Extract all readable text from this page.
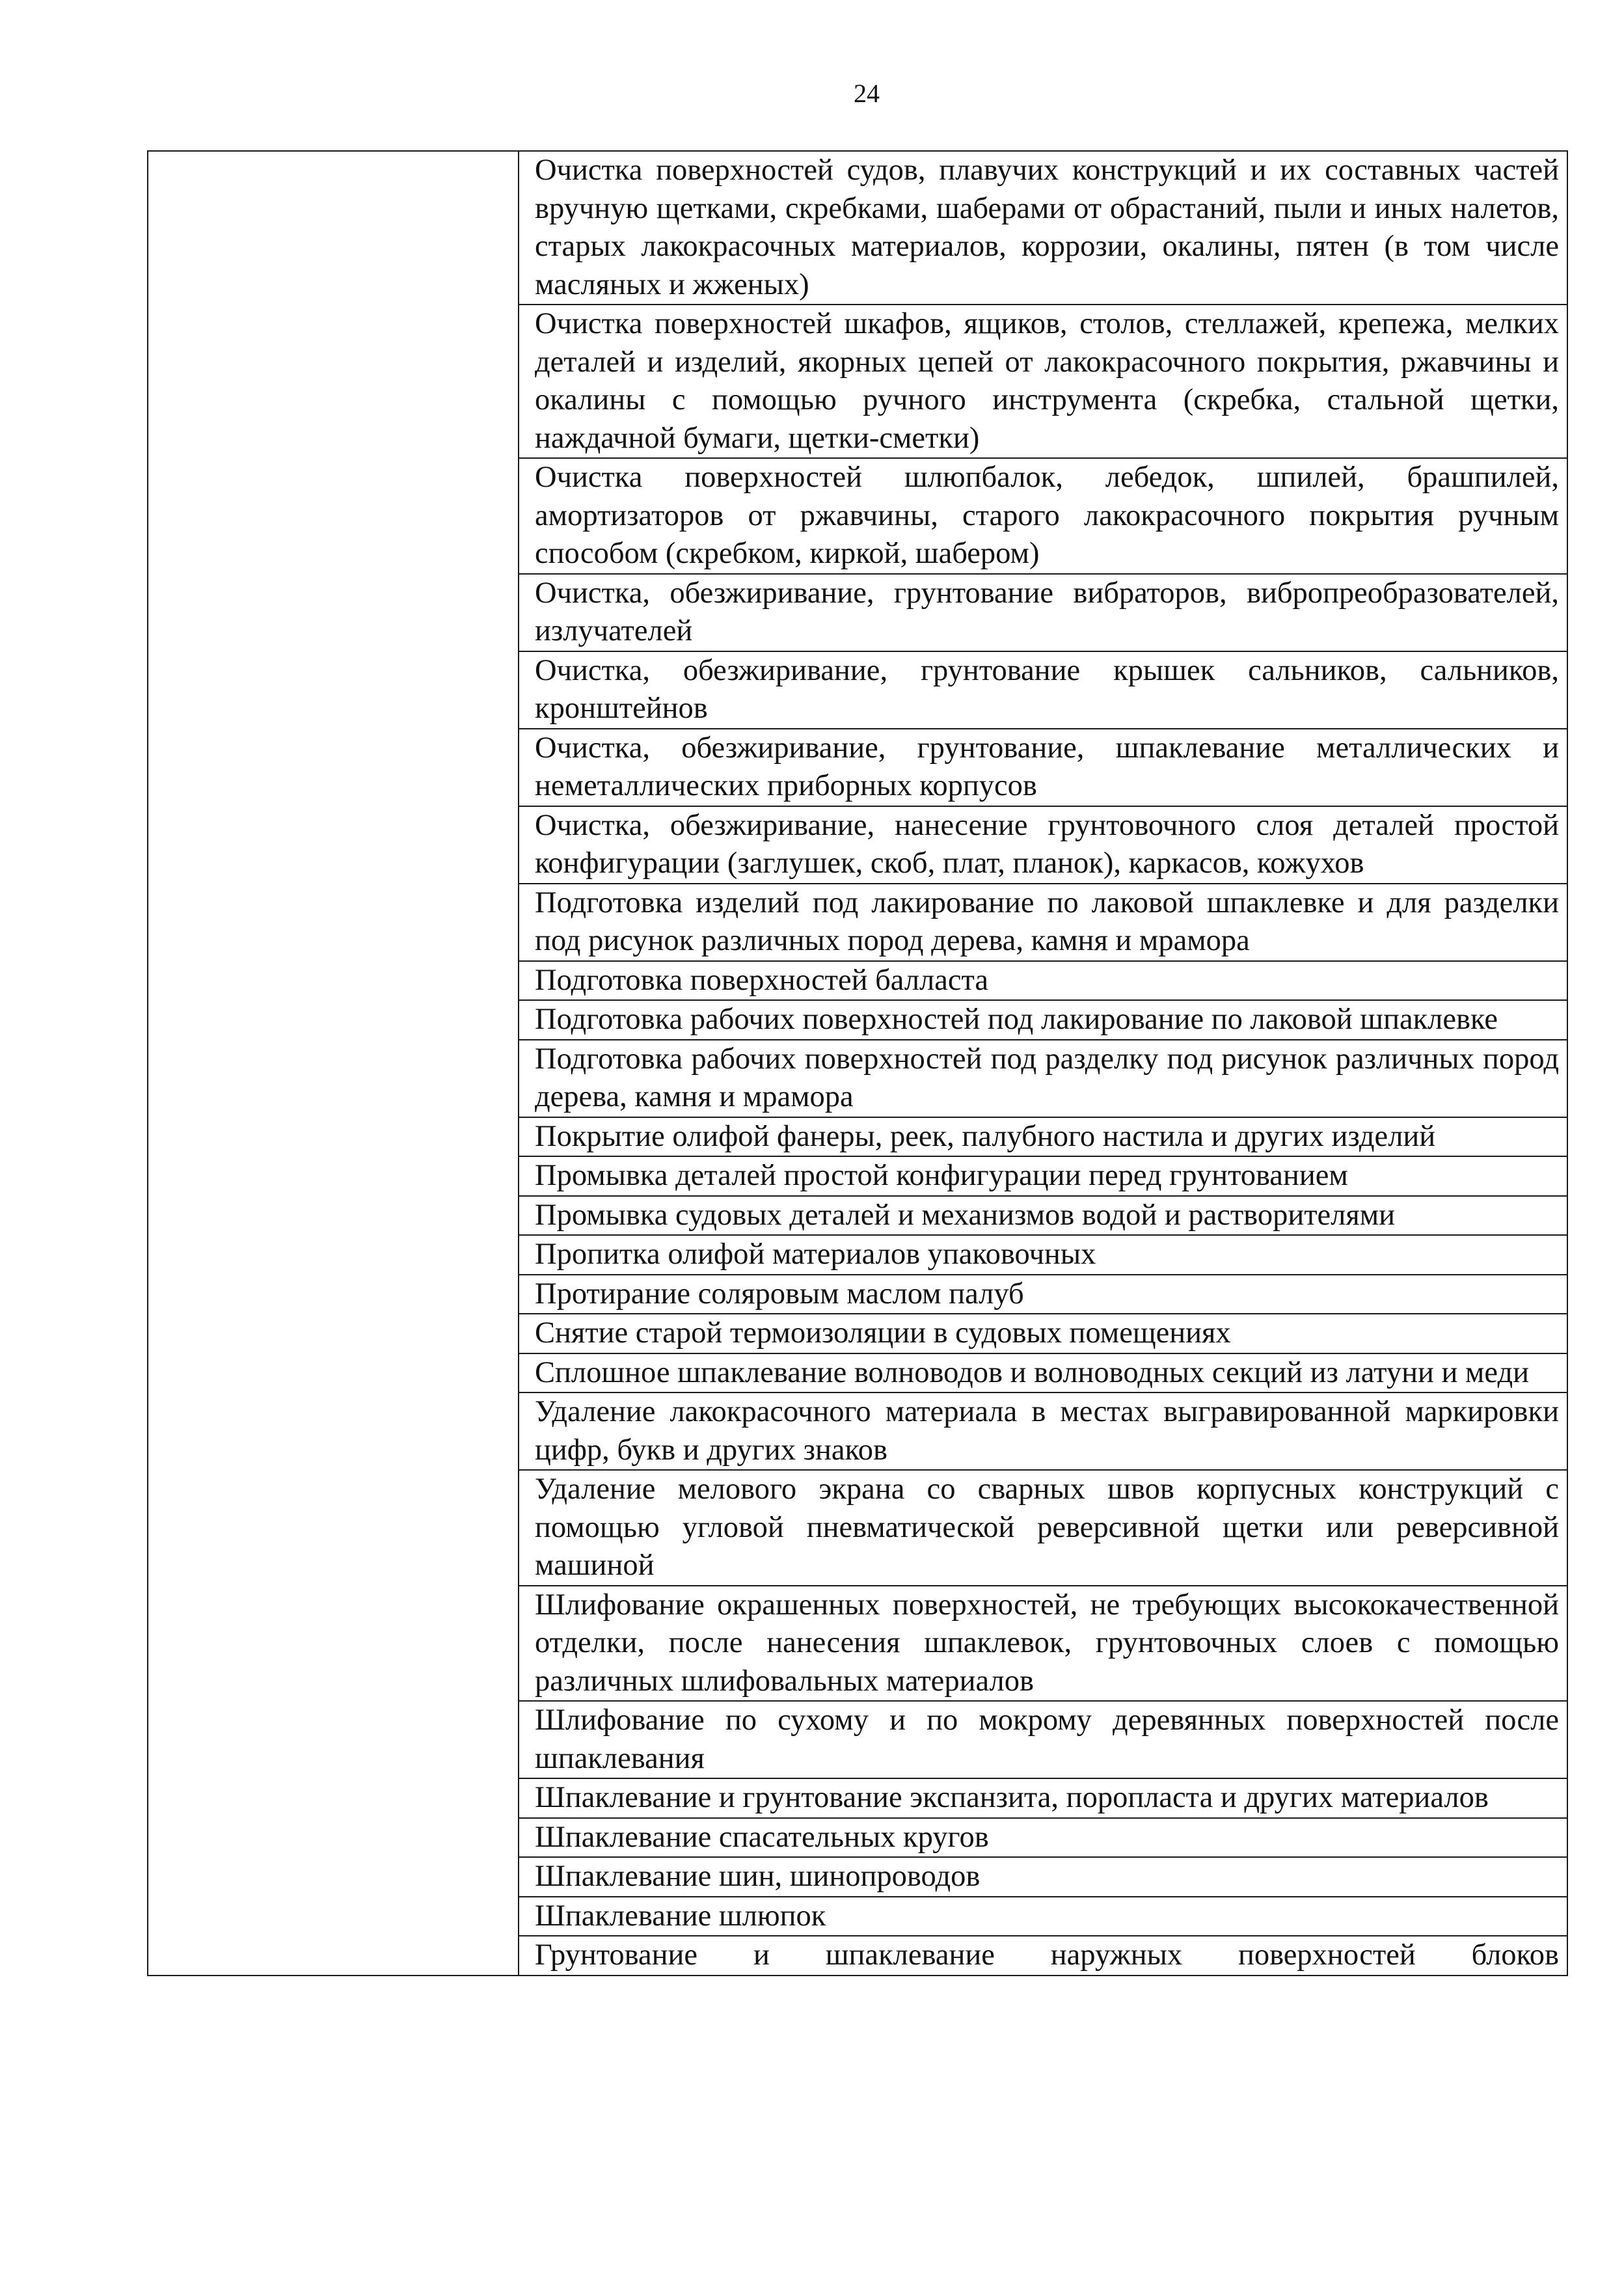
24

Очистка поверхностей судов, плавучих конструкций и их составных частей вручную щетками, скребками, шаберами от обрастаний, пыли и иных налетов, старых лакокрасочных материалов, коррозии, окалины, пятен (в том числе масляных и жженых)

Очистка поверхностей шкафов, ящиков, столов, стеллажей, крепежа, мелких деталей и изделий, якорных цепей от лакокрасочного покрытия, ржавчины и окалины с помощью ручного инструмента (скребка, стальной щетки, наждачной бумаги, щетки-сметки)

Очистка поверхностей шлюпбалок, лебедок, шпилей, брашпилей, амортизаторов от ржавчины, старого лакокрасочного покрытия ручным способом (скребком, киркой, шабером)

Очистка, обезжиривание, грунтование вибраторов, вибропреобразователей, излучателей

Очистка, обезжиривание, грунтование крышек сальников, сальников, кронштейнов

Очистка, обезжиривание, грунтование, шпаклевание металлических и неметаллических приборных корпусов

Очистка, обезжиривание, нанесение грунтовочного слоя деталей простой конфигурации (заглушек, скоб, плат, планок), каркасов, кожухов

Подготовка изделий под лакирование по лаковой шпаклевке и для разделки под рисунок различных пород дерева, камня и мрамора

Подготовка поверхностей балласта

Подготовка рабочих поверхностей под лакирование по лаковой шпаклевке

Подготовка рабочих поверхностей под разделку под рисунок различных пород дерева, камня и мрамора

Покрытие олифой фанеры, реек, палубного настила и других изделий

Промывка деталей простой конфигурации перед грунтованием

Промывка судовых деталей и механизмов водой и растворителями

Пропитка олифой материалов упаковочных

Протирание соляровым маслом палуб

Снятие старой термоизоляции в судовых помещениях

Сплошное шпаклевание волноводов и волноводных секций из латуни и меди

Удаление лакокрасочного материала в местах выгравированной маркировки цифр, букв и других знаков

Удаление мелового экрана со сварных швов корпусных конструкций с помощью угловой пневматической реверсивной щетки или реверсивной машиной

Шлифование окрашенных поверхностей, не требующих высококачественной отделки, после нанесения шпаклевок, грунтовочных слоев с помощью различных шлифовальных материалов

Шлифование по сухому и по мокрому деревянных поверхностей после шпаклевания

Шпаклевание и грунтование экспанзита, поропласта и других материалов

Шпаклевание спасательных кругов

Шпаклевание шин, шинопроводов

Шпаклевание шлюпок

Грунтование и шпаклевание наружных поверхностей блоков
